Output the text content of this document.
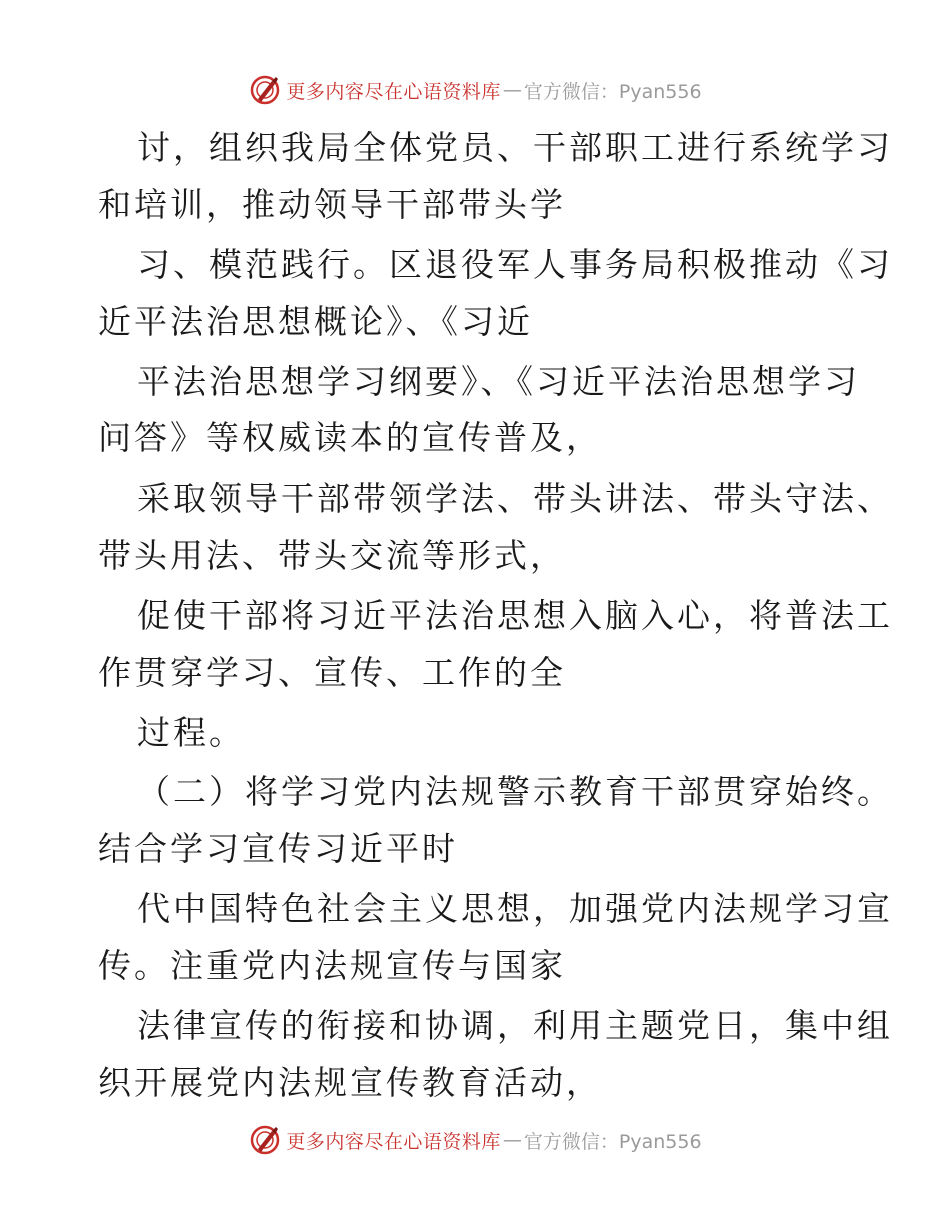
更多内容尽在心语资料库 — 官方微信：Pyan556
讨，组织我局全体党员、干部职工进行系统学习
和培训，推动领导干部带头学
习、模范践行。区退役军人事务局积极推动《习
近平法治思想概论》、《习近
平法治思想学习纲要》、《习近平法治思想学习
问答》等权威读本的宣传普及，
采取领导干部带领学法、带头讲法、带头守法、
带头用法、带头交流等形式，
促使干部将习近平法治思想入脑入心，将普法工
作贯穿学习、宣传、工作的全
过程。
（二）将学习党内法规警示教育干部贯穿始终。
结合学习宣传习近平时
代中国特色社会主义思想，加强党内法规学习宣
传。注重党内法规宣传与国家
法律宣传的衔接和协调，利用主题党日，集中组
织开展党内法规宣传教育活动，
更多内容尽在心语资料库 — 官方微信：Pyan556
